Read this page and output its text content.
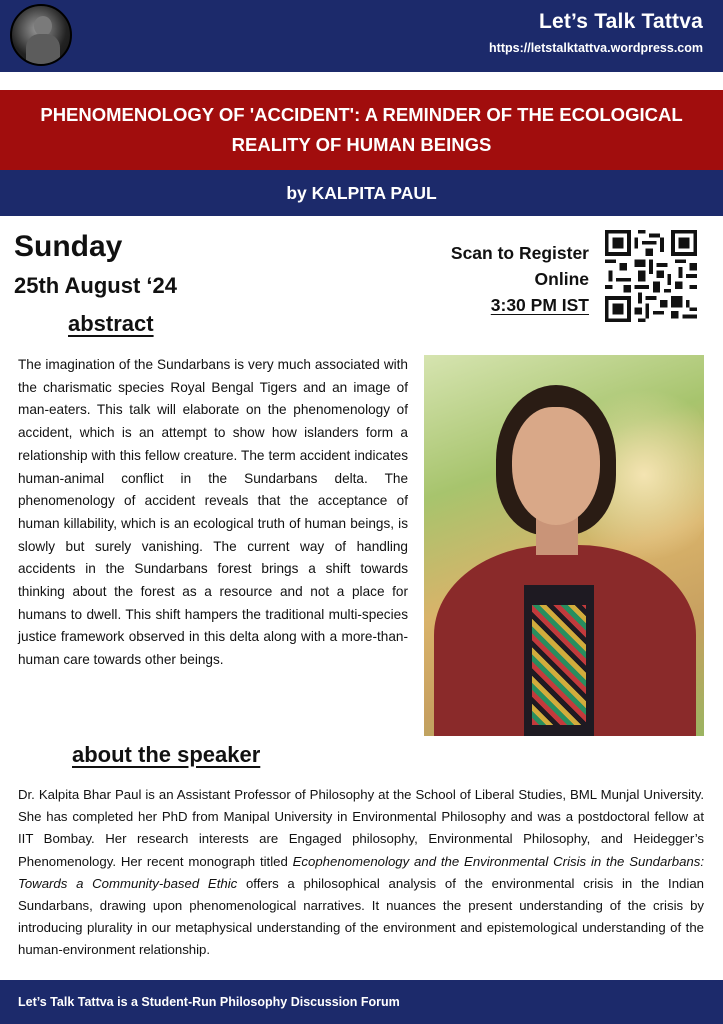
Let’s Talk Tattva
https://letstalktattva.wordpress.com
PHENOMENOLOGY OF 'ACCIDENT': A REMINDER OF THE ECOLOGICAL REALITY OF HUMAN BEINGS
by KALPITA PAUL
Sunday
25th August ‘24
Scan to Register
Online
3:30 PM IST
abstract
The imagination of the Sundarbans is very much associated with the charismatic species Royal Bengal Tigers and an image of man-eaters. This talk will elaborate on the phenomenology of accident, which is an attempt to show how islanders form a relationship with this fellow creature. The term accident indicates human-animal conflict in the Sundarbans delta. The phenomenology of accident reveals that the acceptance of human killability, which is an ecological truth of human beings, is slowly but surely vanishing. The current way of handling accidents in the Sundarbans forest brings a shift towards thinking about the forest as a resource and not a place for humans to dwell. This shift hampers the traditional multi-species justice framework observed in this delta along with a more-than-human care towards other beings.
about the speaker
Dr. Kalpita Bhar Paul is an Assistant Professor of Philosophy at the School of Liberal Studies, BML Munjal University. She has completed her PhD from Manipal University in Environmental Philosophy and was a postdoctoral fellow at IIT Bombay. Her research interests are Engaged philosophy, Environmental Philosophy, and Heidegger’s Phenomenology. Her recent monograph titled Ecophenomenology and the Environmental Crisis in the Sundarbans: Towards a Community-based Ethic offers a philosophical analysis of the environmental crisis in the Indian Sundarbans, drawing upon phenomenological narratives. It nuances the present understanding of the crisis by introducing plurality in our metaphysical understanding of the environment and epistemological understanding of the human-environment relationship.
Let’s Talk Tattva is a Student-Run Philosophy Discussion Forum
